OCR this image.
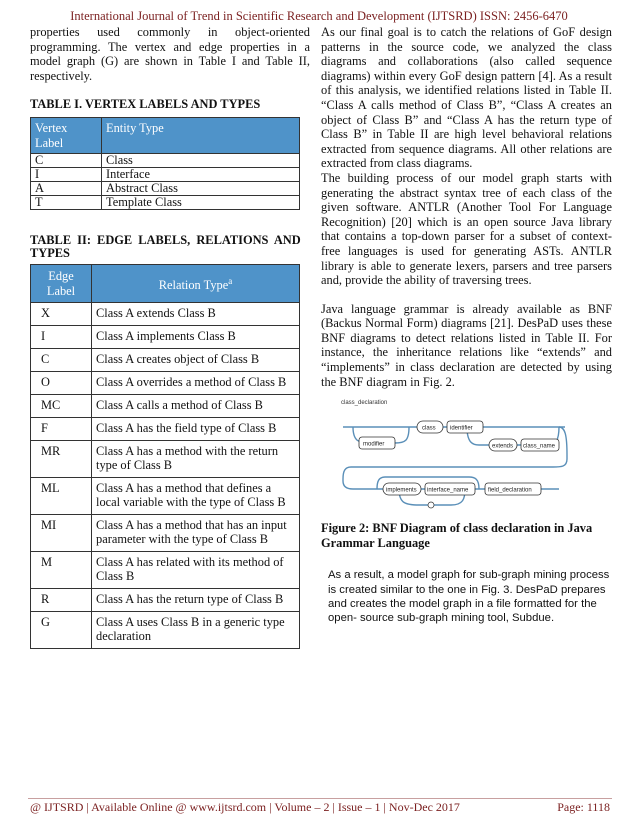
International Journal of Trend in Scientific Research and Development (IJTSRD) ISSN: 2456-6470

properties used commonly in object-oriented programming. The vertex and edge properties in a model graph (G) are shown in Table I and Table II, respectively.

TABLE I. VERTEX LABELS AND TYPES
Vertex Label	Entity Type
C	Class
I	Interface
A	Abstract Class
T	Template Class
TABLE II: EDGE LABELS, RELATIONS AND TYPES
Edge Label	Relation Type$^a$
X	Class A extends Class B
I	Class A implements Class B
C	Class A creates object of Class B
O	Class A overrides a method of Class B
MC	Class A calls a method of Class B
F	Class A has the field type of Class B
MR	Class A has a method with the return type of Class B
ML	Class A has a method that defines a local variable with the type of Class B
MI	Class A has a method that has an input parameter with the type of Class B
M	Class A has related with its method of Class B
R	Class A has the return type of Class B
G	Class A uses Class B in a generic type declaration

As our final goal is to catch the relations of GoF design patterns in the source code, we analyzed the class diagrams and collaborations (also called sequence diagrams) within every GoF design pattern [4]. As a result of this analysis, we identified relations listed in Table II. “Class A calls method of Class B”, “Class A creates an object of Class B” and “Class A has the return type of Class B” in Table II are high level behavioral relations extracted from sequence diagrams. All other relations are extracted from class diagrams.

The building process of our model graph starts with generating the abstract syntax tree of each class of the given software. ANTLR (Another Tool For Language Recognition) [20] which is an open source Java library that contains a top-down parser for a subset of context-free languages is used for generating ASTs. ANTLR library is able to generate lexers, parsers and tree parsers and, provide the ability of traversing trees.

Java language grammar is already available as BNF (Backus Normal Form) diagrams [21]. DesPaD uses these BNF diagrams to detect relations listed in Table II. For instance, the inheritance relations like “extends” and “implements” in class declaration are detected by using the BNF diagram in Fig. 2.

class_declaration
modifier
class identifier
extends class_name
implements interface_name	field_declaration
Figure 2: BNF Diagram of class declaration in Java Grammar Language

As a result, a model graph for sub-graph mining process is created similar to the one in Fig. 3. DesPaD prepares and creates the model graph in a file formatted for the open- source sub-graph mining tool, Subdue.

@ IJTSRD | Available Online @ www.ijtsrd.com | Volume – 2 | Issue – 1 | Nov-Dec 2017	Page: 1118
